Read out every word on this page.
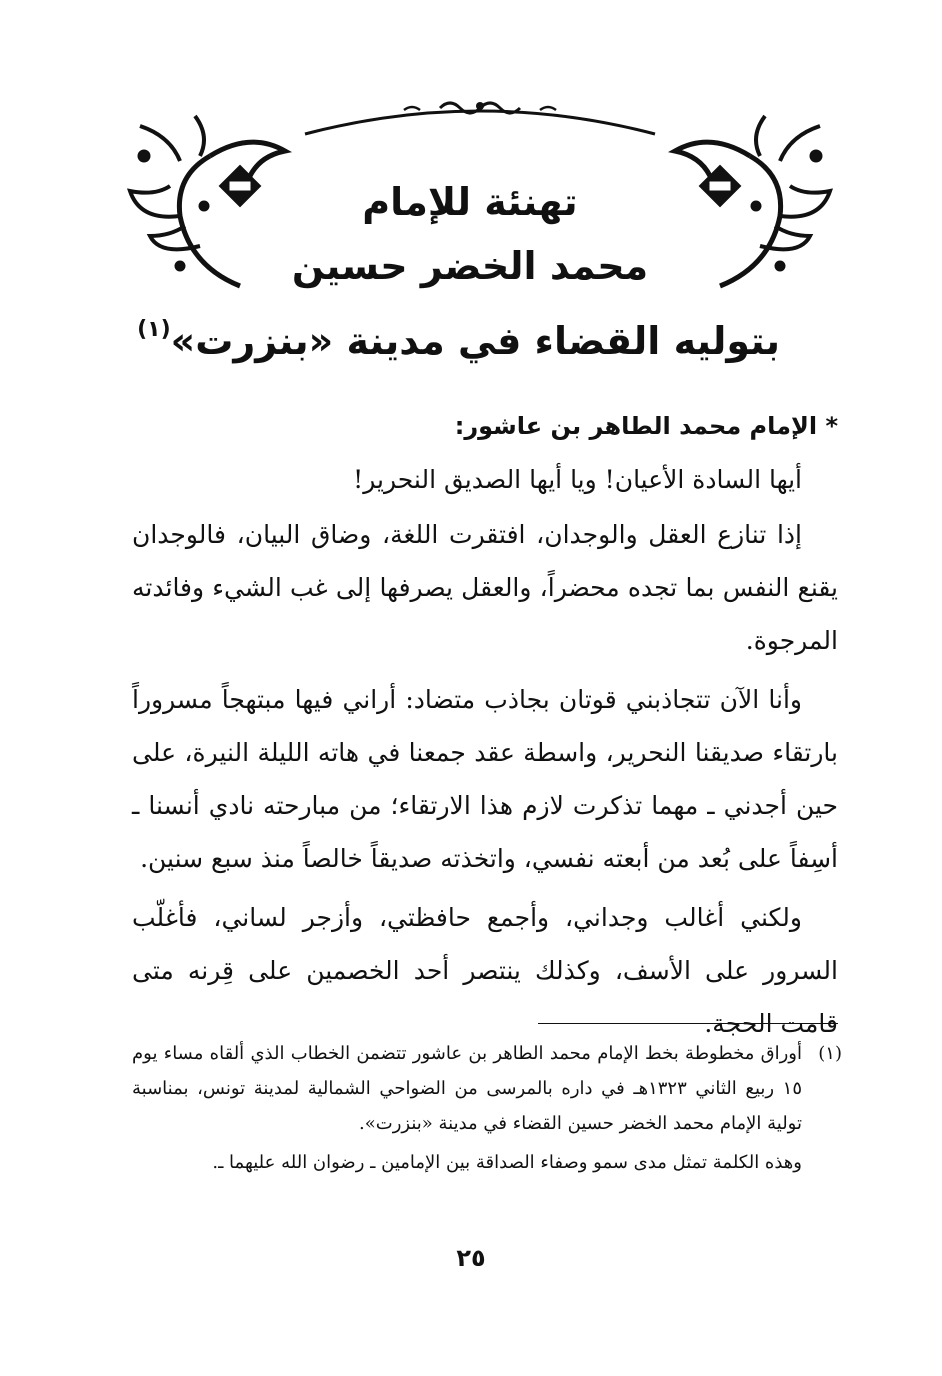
تهنئة للإمام
محمد الخضر حسين
بتوليه القضاء في مدينة «بنزرت»$^{(١)}$
* الإمام محمد الطاهر بن عاشور:

أيها السادة الأعيان! ويا أيها الصديق النحرير!

إذا تنازع العقل والوجدان، افتقرت اللغة، وضاق البيان، فالوجدان يقنع النفس بما تجده محضراً، والعقل يصرفها إلى غب الشيء وفائدته المرجوة.

وأنا الآن تتجاذبني قوتان بجاذب متضاد: أراني فيها مبتهجاً مسروراً بارتقاء صديقنا النحرير، واسطة عقد جمعنا في هاته الليلة النيرة، على حين أجدني ـ مهما تذكرت لازم هذا الارتقاء؛ من مبارحته نادي أنسنا ـ أسِفاً على بُعد من أبعته نفسي، واتخذته صديقاً خالصاً منذ سبع سنين.

ولكني أغالب وجداني، وأجمع حافظتي، وأزجر لساني، فأغلّب السرور على الأسف، وكذلك ينتصر أحد الخصمين على قِرنه متى قامت الحجة.

(١)
أوراق مخطوطة بخط الإمام محمد الطاهر بن عاشور تتضمن الخطاب الذي ألقاه مساء يوم ١٥ ربيع الثاني ١٣٢٣هـ في داره بالمرسى من الضواحي الشمالية لمدينة تونس، بمناسبة تولية الإمام محمد الخضر حسين القضاء في مدينة «بنزرت».
وهذه الكلمة تمثل مدى سمو وصفاء الصداقة بين الإمامين ـ رضوان الله عليهما ـ.
٢٥
